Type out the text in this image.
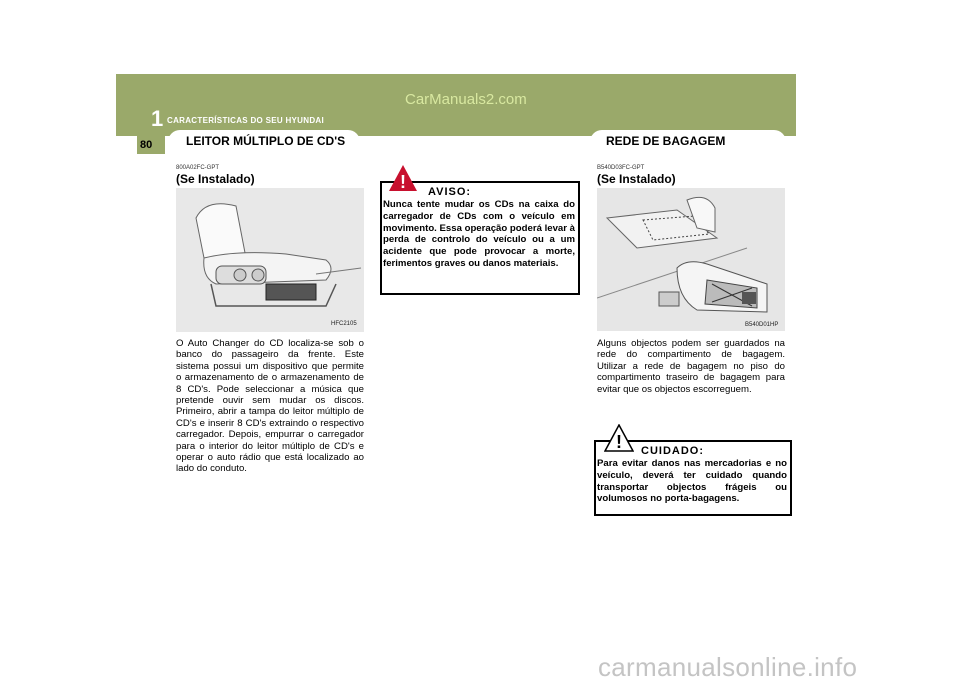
80
1 CARACTERÍSTICAS DO SEU HYUNDAI
CarManuals2.com
LEITOR MÚLTIPLO DE CD'S	REDE DE BAGAGEM
800A02FC-GPT
(Se Instalado)
HFC2105
O Auto Changer do CD localiza-se sob o banco do passageiro da frente. Este sistema possui um dispositivo que permite o armazenamento de o armazenamento de 8 CD's. Pode seleccionar a música que pretende ouvir sem mudar os discos. Primeiro, abrir a tampa do leitor múltiplo de CD's e inserir 8 CD's extraindo o respectivo carregador. Depois, empurrar o carregador para o interior do leitor múltiplo de CD's e operar o auto rádio que está localizado ao lado do conduto.
! AVISO:
Nunca tente mudar os CDs na caixa do carregador de CDs com o veículo em movimento. Essa operação poderá levar à perda de controlo do veículo ou a um acidente que pode provocar a morte, ferimentos graves ou danos materiais.
B540D03FC-GPT
(Se Instalado)
B540D01HP
Alguns objectos podem ser guardados na rede do compartimento de bagagem. Utilizar a rede de bagagem no piso do compartimento traseiro de bagagem para evitar que os objectos escorreguem.
! CUIDADO:
Para evitar danos nas mercadorias e no veículo, deverá ter cuidado quando transportar objectos frágeis ou volumosos no porta-bagagens.
carmanualsonline.info
